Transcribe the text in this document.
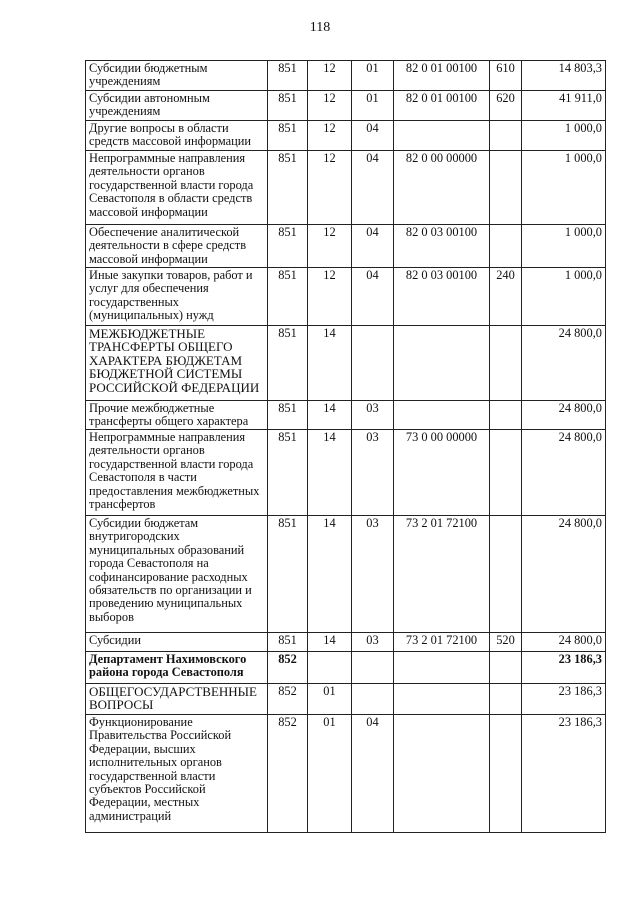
118
Субсидии бюджетным учреждениям	851	12	01	82 0 01 00100	610	14 803,3
Субсидии автономным учреждениям	851	12	01	82 0 01 00100	620	41 911,0
Другие вопросы в области средств массовой информации	851	12	04			1 000,0
Непрограммные направления деятельности органов государственной власти города Севастополя в области средств массовой информации	851	12	04	82 0 00 00000		1 000,0
Обеспечение аналитической деятельности в сфере средств массовой информации	851	12	04	82 0 03 00100		1 000,0
Иные закупки товаров, работ и услуг для обеспечения государственных (муниципальных) нужд	851	12	04	82 0 03 00100	240	1 000,0
МЕЖБЮДЖЕТНЫЕ ТРАНСФЕРТЫ ОБЩЕГО ХАРАКТЕРА БЮДЖЕТАМ БЮДЖЕТНОЙ СИСТЕМЫ РОССИЙСКОЙ ФЕДЕРАЦИИ	851	14				24 800,0
Прочие межбюджетные трансферты общего характера	851	14	03			24 800,0
Непрограммные направления деятельности органов государственной власти города Севастополя в части предоставления межбюджетных трансфертов	851	14	03	73 0 00 00000		24 800,0
Субсидии бюджетам внутригородских муниципальных образований города Севастополя на софинансирование расходных обязательств по организации и проведению муниципальных выборов	851	14	03	73 2 01 72100		24 800,0
Субсидии	851	14	03	73 2 01 72100	520	24 800,0
Департамент Нахимовского района города Севастополя	852					23 186,3
ОБЩЕГОСУДАРСТВЕННЫЕ ВОПРОСЫ	852	01				23 186,3
Функционирование Правительства Российской Федерации, высших исполнительных органов государственной власти субъектов Российской Федерации, местных администраций	852	01	04			23 186,3
